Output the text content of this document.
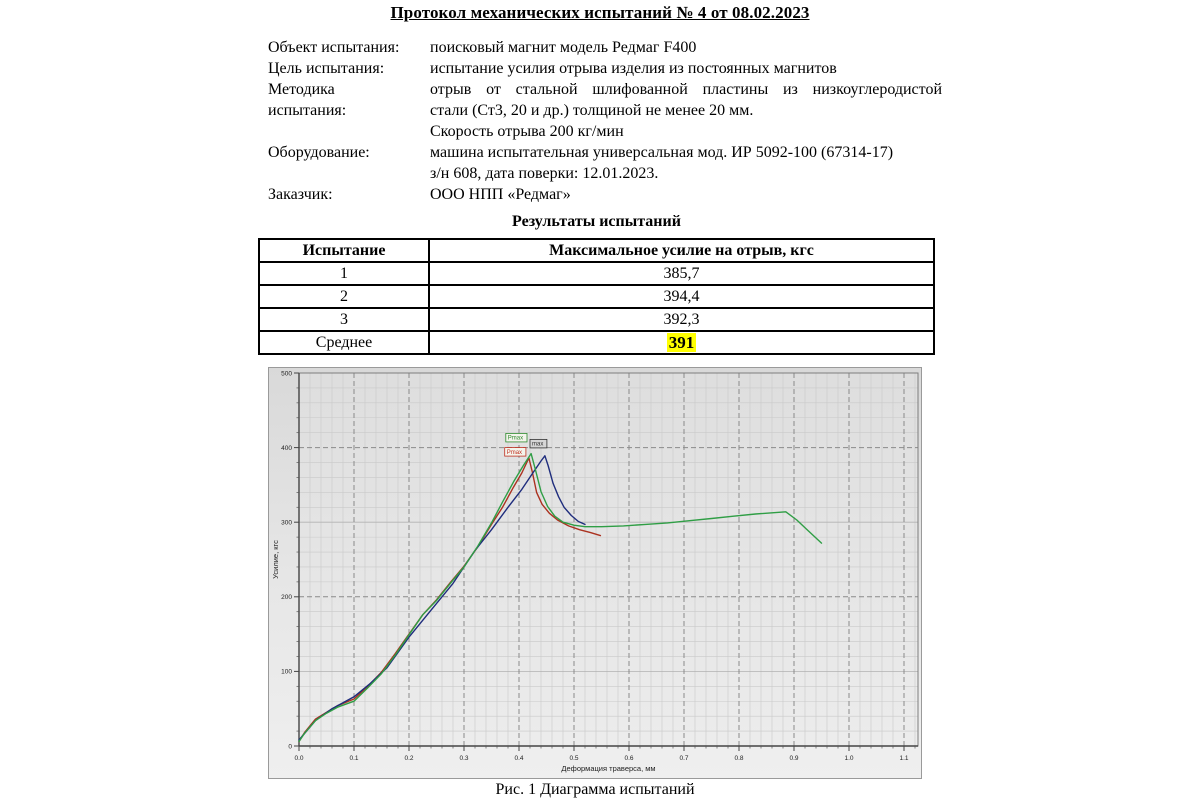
Протокол механических испытаний № 4 от 08.02.2023
Объект испытания:	поисковый магнит модель Редмаг F400
Цель испытания:	испытание усилия отрыва изделия из постоянных магнитов
Методика
испытания:
отрыв от стальной шлифованной пластины из низкоуглеродистой
стали (Ст3, 20 и др.) толщиной не менее 20 мм.
Скорость отрыва 200 кг/мин
Оборудование:	машина испытательная универсальная мод. ИР 5092-100 (67314-17)
з/н 608, дата поверки: 12.01.2023.
Заказчик:	ООО НПП «Редмаг»
Результаты испытаний
Испытание	Максимальное усилие на отрыв, кгс
1	385,7
2	394,4
3	392,3
Среднее	391
0.0	0.1	0.2	0.3	0.4	0.5	0.6	0.7	0.8	0.9	1.0	1.1
0
100
200
300
400
500
Деформация траверса, мм
Усилие, кгс
Pmax
max
Pmax
Рис. 1 Диаграмма испытаний
